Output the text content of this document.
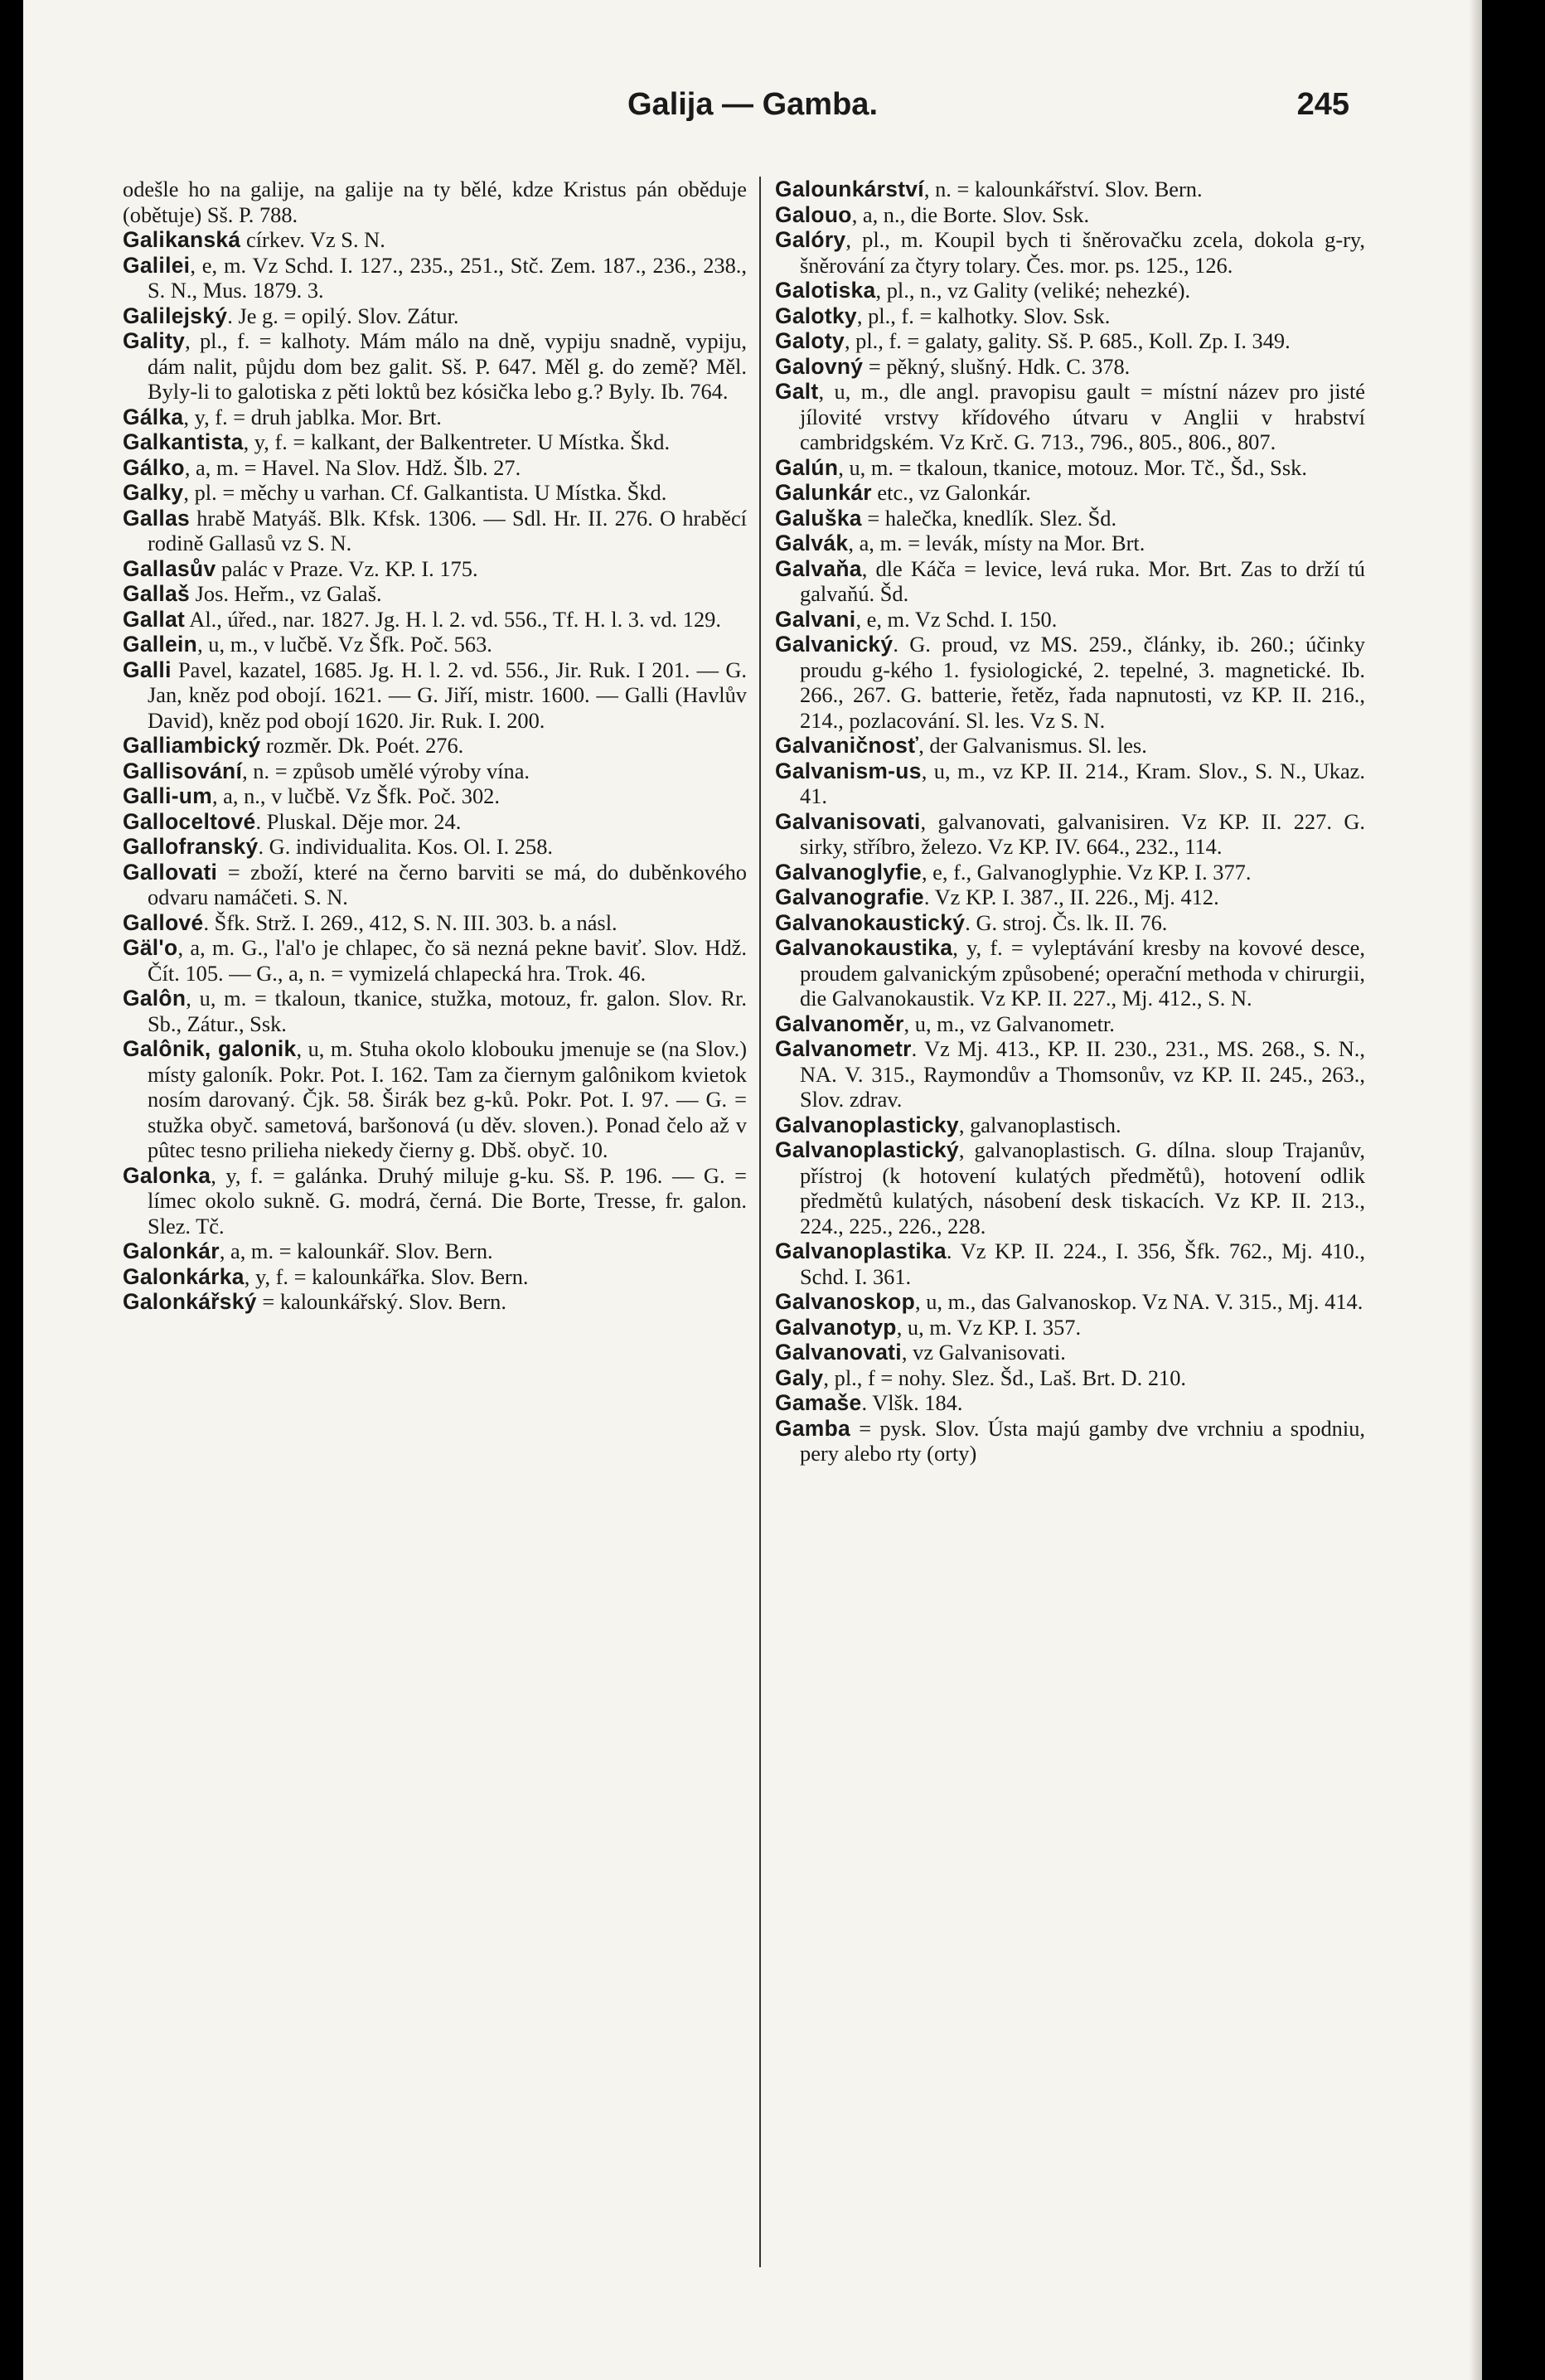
Galija — Gamba.	245

odešle ho na galije, na galije na ty bělé, kdze Kristus pán oběduje (obětuje) Sš. P. 788.

Galikanská církev. Vz S. N.

Galilei, e, m. Vz Schd. I. 127., 235., 251., Stč. Zem. 187., 236., 238., S. N., Mus. 1879. 3.

Galilejský. Je g. = opilý. Slov. Zátur.

Gality, pl., f. = kalhoty. Mám málo na dně, vypiju snadně, vypiju, dám nalit, půjdu dom bez galit. Sš. P. 647. Měl g. do země? Měl. Byly-li to galotiska z pěti loktů bez kósička lebo g.? Byly. Ib. 764.

Gálka, y, f. = druh jablka. Mor. Brt.

Galkantista, y, f. = kalkant, der Balkentreter. U Místka. Škd.

Gálko, a, m. = Havel. Na Slov. Hdž. Šlb. 27.

Galky, pl. = měchy u varhan. Cf. Galkantista. U Místka. Škd.

Gallas hrabě Matyáš. Blk. Kfsk. 1306. — Sdl. Hr. II. 276. O hraběcí rodině Gallasů vz S. N.

Gallasův palác v Praze. Vz. KP. I. 175.

Gallaš Jos. Heřm., vz Galaš.

Gallat Al., úřed., nar. 1827. Jg. H. l. 2. vd. 556., Tf. H. l. 3. vd. 129.

Gallein, u, m., v lučbě. Vz Šfk. Poč. 563.

Galli Pavel, kazatel, 1685. Jg. H. l. 2. vd. 556., Jir. Ruk. I 201. — G. Jan, kněz pod obojí. 1621. — G. Jiří, mistr. 1600. — Galli (Havlův David), kněz pod obojí 1620. Jir. Ruk. I. 200.

Galliambický rozměr. Dk. Poét. 276.

Gallisování, n. = způsob umělé výroby vína.

Galli-um, a, n., v lučbě. Vz Šfk. Poč. 302.

Galloceltové. Pluskal. Děje mor. 24.

Gallofranský. G. individualita. Kos. Ol. I. 258.

Gallovati = zboží, které na černo barviti se má, do duběnkového odvaru namáčeti. S. N.

Gallové. Šfk. Strž. I. 269., 412, S. N. III. 303. b. a násl.

Gäl'o, a, m. G., l'al'o je chlapec, čo sä nezná pekne baviť. Slov. Hdž. Čít. 105. — G., a, n. = vymizelá chlapecká hra. Trok. 46.

Galôn, u, m. = tkaloun, tkanice, stužka, motouz, fr. galon. Slov. Rr. Sb., Zátur., Ssk.

Galônik, galonik, u, m. Stuha okolo klobouku jmenuje se (na Slov.) místy galoník. Pokr. Pot. I. 162. Tam za čiernym galônikom kvietok nosím darovaný. Čjk. 58. Širák bez g-ků. Pokr. Pot. I. 97. — G. = stužka obyč. sametová, baršonová (u děv. sloven.). Ponad čelo až v pûtec tesno prilieha niekedy čierny g. Dbš. obyč. 10.

Galonka, y, f. = galánka. Druhý miluje g-ku. Sš. P. 196. — G. = límec okolo sukně. G. modrá, černá. Die Borte, Tresse, fr. galon. Slez. Tč.

Galonkár, a, m. = kalounkář. Slov. Bern.

Galonkárka, y, f. = kalounkářka. Slov. Bern.

Galonkářský = kalounkářský. Slov. Bern.

Galounkárství, n. = kalounkářství. Slov. Bern.

Galouo, a, n., die Borte. Slov. Ssk.

Galóry, pl., m. Koupil bych ti šněrovačku zcela, dokola g-ry, šněrování za čtyry tolary. Čes. mor. ps. 125., 126.

Galotiska, pl., n., vz Gality (veliké; nehezké).

Galotky, pl., f. = kalhotky. Slov. Ssk.

Galoty, pl., f. = galaty, gality. Sš. P. 685., Koll. Zp. I. 349.

Galovný = pěkný, slušný. Hdk. C. 378.

Galt, u, m., dle angl. pravopisu gault = místní název pro jisté jílovité vrstvy křídového útvaru v Anglii v hrabství cambridgském. Vz Krč. G. 713., 796., 805., 806., 807.

Galún, u, m. = tkaloun, tkanice, motouz. Mor. Tč., Šd., Ssk.

Galunkár etc., vz Galonkár.

Galuška = halečka, knedlík. Slez. Šd.

Galvák, a, m. = levák, místy na Mor. Brt.

Galvaňa, dle Káča = levice, levá ruka. Mor. Brt. Zas to drží tú galvaňú. Šd.

Galvani, e, m. Vz Schd. I. 150.

Galvanický. G. proud, vz MS. 259., články, ib. 260.; účinky proudu g-kého 1. fysiologické, 2. tepelné, 3. magnetické. Ib. 266., 267. G. batterie, řetěz, řada napnutosti, vz KP. II. 216., 214., pozlacování. Sl. les. Vz S. N.

Galvaničnosť, der Galvanismus. Sl. les.

Galvanism-us, u, m., vz KP. II. 214., Kram. Slov., S. N., Ukaz. 41.

Galvanisovati, galvanovati, galvanisiren. Vz KP. II. 227. G. sirky, stříbro, železo. Vz KP. IV. 664., 232., 114.

Galvanoglyfie, e, f., Galvanoglyphie. Vz KP. I. 377.

Galvanografie. Vz KP. I. 387., II. 226., Mj. 412.

Galvanokaustický. G. stroj. Čs. lk. II. 76.

Galvanokaustika, y, f. = vyleptávání kresby na kovové desce, proudem galvanickým způsobené; operační methoda v chirurgii, die Galvanokaustik. Vz KP. II. 227., Mj. 412., S. N.

Galvanoměr, u, m., vz Galvanometr.

Galvanometr. Vz Mj. 413., KP. II. 230., 231., MS. 268., S. N., NA. V. 315., Raymondův a Thomsonův, vz KP. II. 245., 263., Slov. zdrav.

Galvanoplasticky, galvanoplastisch.

Galvanoplastický, galvanoplastisch. G. dílna. sloup Trajanův, přístroj (k hotovení kulatých předmětů), hotovení odlik předmětů kulatých, násobení desk tiskacích. Vz KP. II. 213., 224., 225., 226., 228.

Galvanoplastika. Vz KP. II. 224., I. 356, Šfk. 762., Mj. 410., Schd. I. 361.

Galvanoskop, u, m., das Galvanoskop. Vz NA. V. 315., Mj. 414.

Galvanotyp, u, m. Vz KP. I. 357.

Galvanovati, vz Galvanisovati.

Galy, pl., f = nohy. Slez. Šd., Laš. Brt. D. 210.

Gamaše. Vlšk. 184.

Gamba = pysk. Slov. Ústa majú gamby dve vrchniu a spodniu, pery alebo rty (orty)
